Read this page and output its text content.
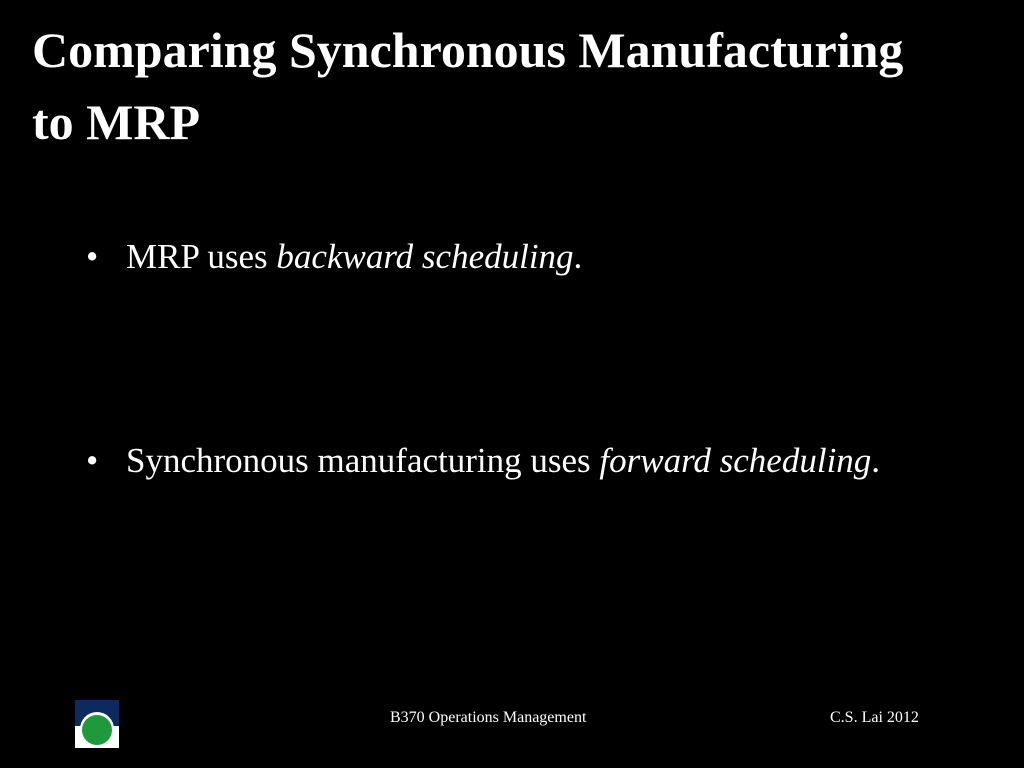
Comparing Synchronous Manufacturing to MRP
• MRP uses backward scheduling.
• Synchronous manufacturing uses forward scheduling.
B370 Operations Management	C.S. Lai 2012
